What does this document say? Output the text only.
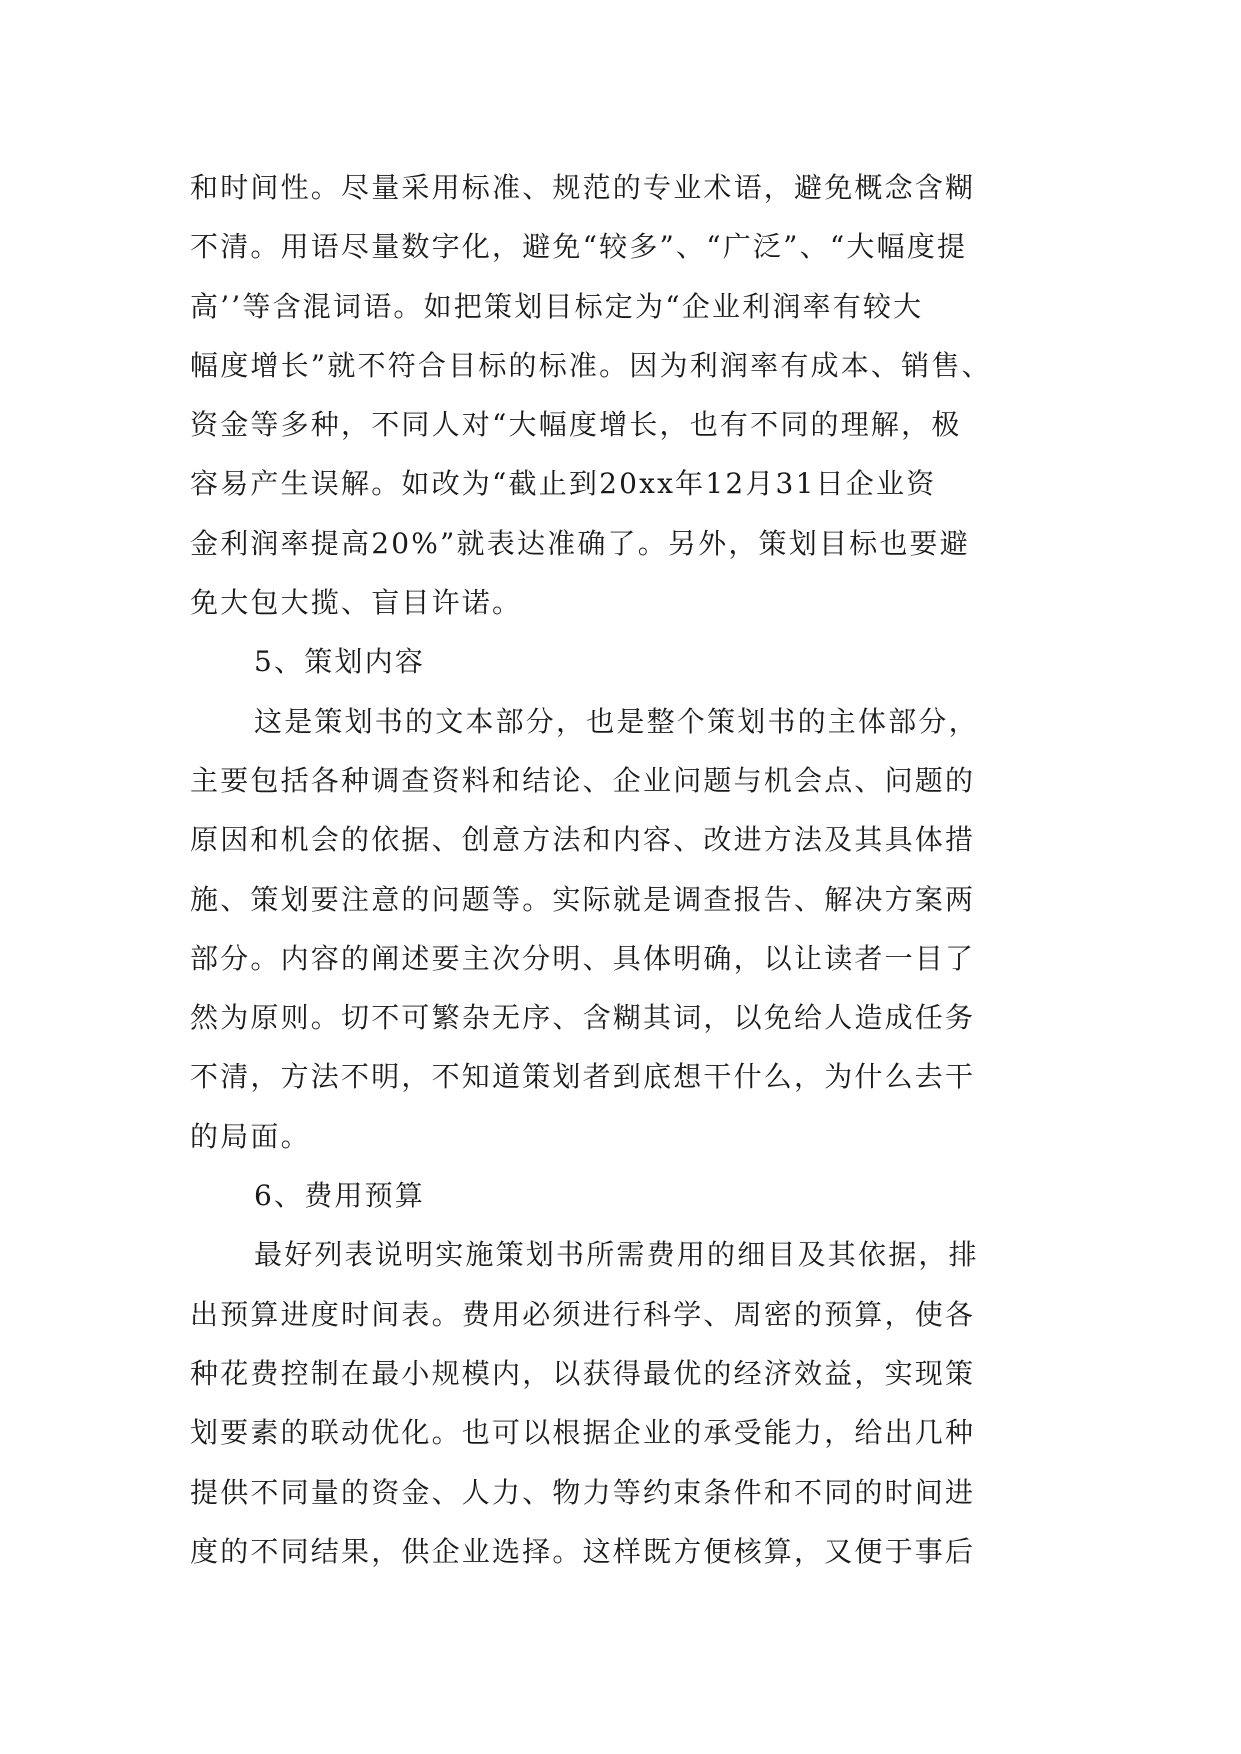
和时间性。尽量采用标准、规范的专业术语，避免概念含糊
不清。用语尽量数字化，避免“较多”、“广泛”、“大幅度提
高’’等含混词语。如把策划目标定为“企业利润率有较大
幅度增长”就不符合目标的标准。因为利润率有成本、销售、
资金等多种，不同人对“大幅度增长，也有不同的理解，极
容易产生误解。如改为“截止到20xx年12月31日企业资
金利润率提高20%”就表达准确了。另外，策划目标也要避
免大包大揽、盲目许诺。
5、策划内容
这是策划书的文本部分，也是整个策划书的主体部分，
主要包括各种调查资料和结论、企业问题与机会点、问题的
原因和机会的依据、创意方法和内容、改进方法及其具体措
施、策划要注意的问题等。实际就是调查报告、解决方案两
部分。内容的阐述要主次分明、具体明确，以让读者一目了
然为原则。切不可繁杂无序、含糊其词，以免给人造成任务
不清，方法不明，不知道策划者到底想干什么，为什么去干
的局面。
6、费用预算
最好列表说明实施策划书所需费用的细目及其依据，排
出预算进度时间表。费用必须进行科学、周密的预算，使各
种花费控制在最小规模内，以获得最优的经济效益，实现策
划要素的联动优化。也可以根据企业的承受能力，给出几种
提供不同量的资金、人力、物力等约束条件和不同的时间进
度的不同结果，供企业选择。这样既方便核算，又便于事后
